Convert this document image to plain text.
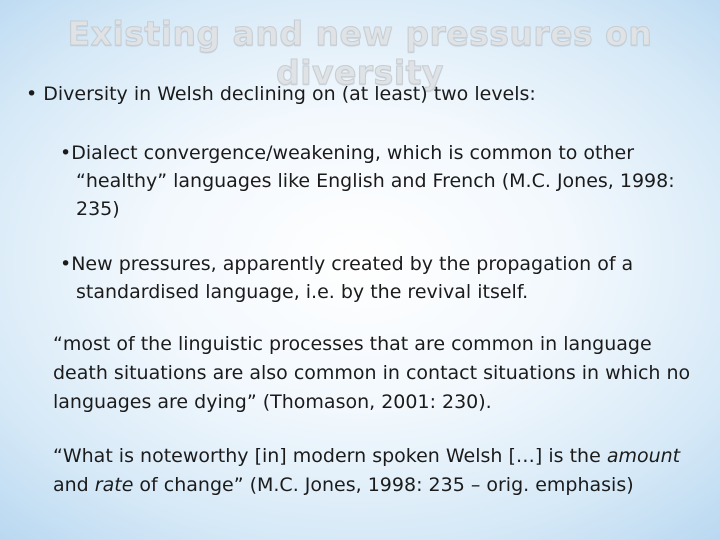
Existing and new pressures on diversity

• Diversity in Welsh declining on (at least) two levels:

•Dialect convergence/weakening, which is common to other “healthy” languages like English and French (M.C. Jones, 1998: 235)

•New pressures, apparently created by the propagation of a standardised language, i.e. by the revival itself.

“most of the linguistic processes that are common in language death situations are also common in contact situations in which no languages are dying” (Thomason, 2001: 230).

“What is noteworthy [in] modern spoken Welsh […] is the amount and rate of change” (M.C. Jones, 1998: 235 – orig. emphasis)
